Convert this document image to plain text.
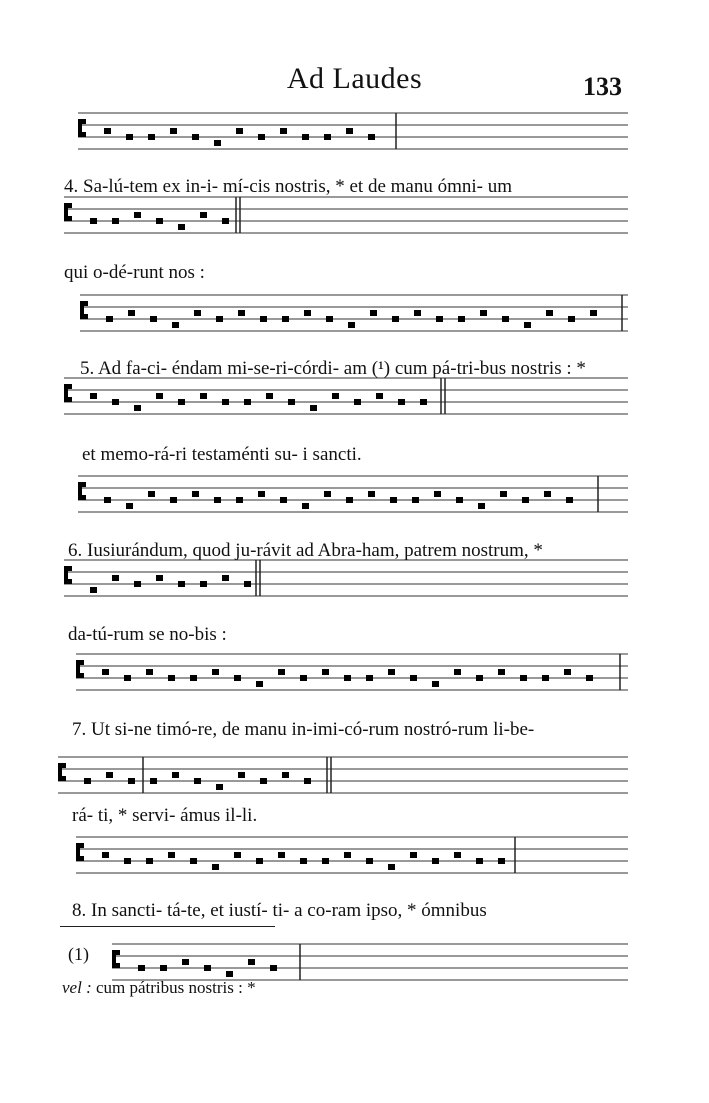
Ad Laudes	133
4. Sa-lú-tem ex in-i- mí-cis nostris, * et de manu ómni- um
qui o-dé-runt nos :
5. Ad fa-ci- éndam mi-se-ri-córdi- am (¹) cum pá-tri-bus nostris : *
et memo-rá-ri testaménti su- i sancti.
6. Iusiurándum, quod ju-rávit ad Abra-ham, patrem nostrum, *
da-tú-rum se no-bis :
7. Ut si-ne timó-re, de manu in-imi-có-rum nostró-rum li-be-
rá- ti, * servi- ámus il-li.
8. In sancti- tá-te, et iustí- ti- a co-ram ipso, * ómnibus
(1)
vel : cum pátribus nostris : *
